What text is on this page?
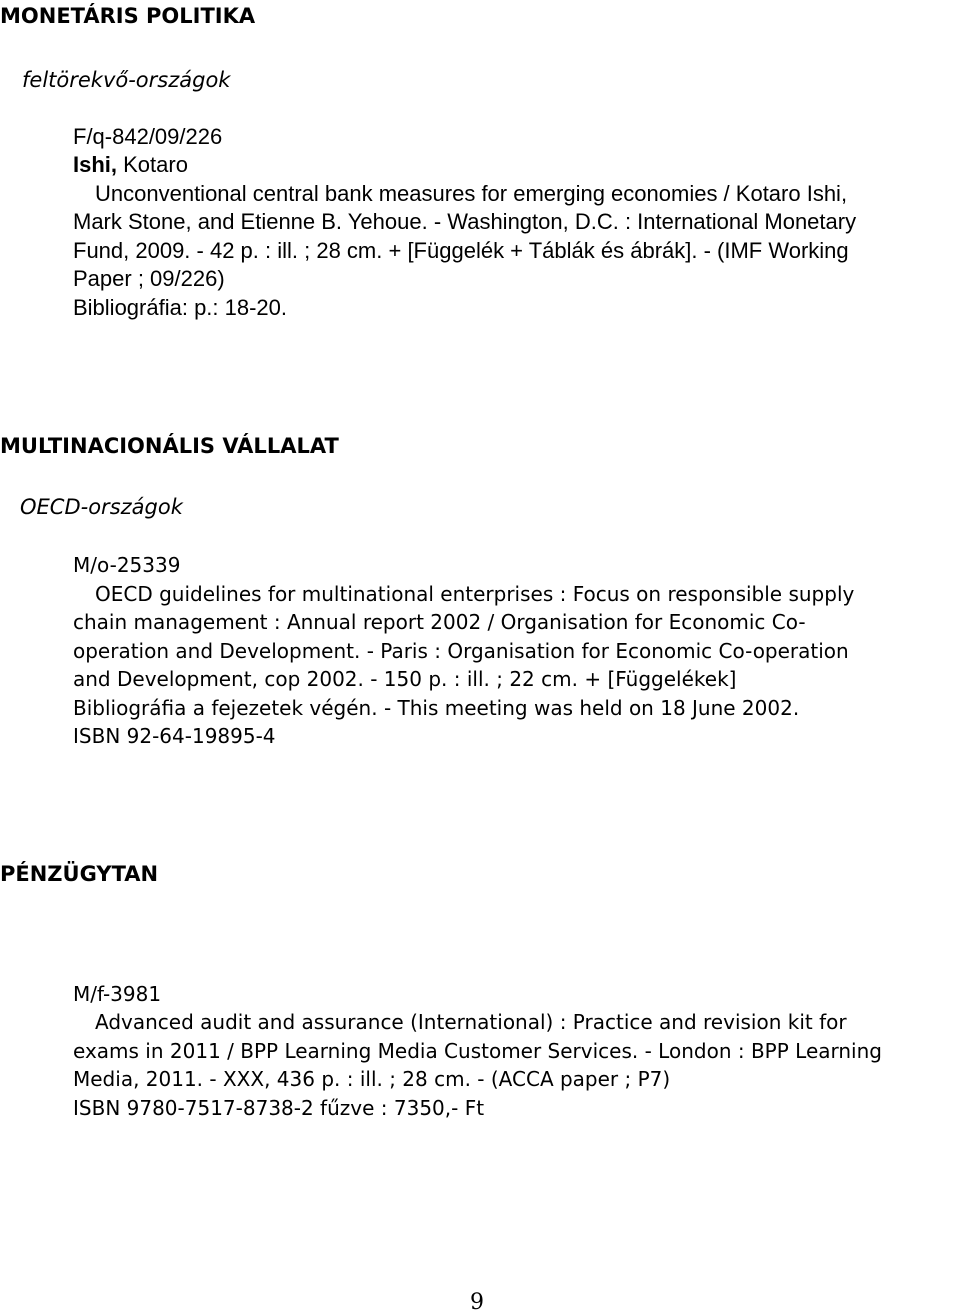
MONETÁRIS POLITIKA
feltörekvő-országok
F/q-842/09/226
Ishi, Kotaro
Unconventional central bank measures for emerging economies / Kotaro Ishi,
Mark Stone, and Etienne B. Yehoue. - Washington, D.C. : International Monetary
Fund, 2009. - 42 p. : ill. ; 28 cm. + [Függelék + Táblák és ábrák]. - (IMF Working
Paper ; 09/226)
Bibliográfia: p.: 18-20.
MULTINACIONÁLIS VÁLLALAT
OECD-országok
M/o-25339
OECD guidelines for multinational enterprises : Focus on responsible supply
chain management : Annual report 2002 / Organisation for Economic Co-
operation and Development. - Paris : Organisation for Economic Co-operation
and Development, cop 2002. - 150 p. : ill. ; 22 cm. + [Függelékek]
Bibliográfia a fejezetek végén. - This meeting was held on 18 June 2002.
ISBN 92-64-19895-4
PÉNZÜGYTAN
M/f-3981
Advanced audit and assurance (International) : Practice and revision kit for
exams in 2011 / BPP Learning Media Customer Services. - London : BPP Learning
Media, 2011. - XXX, 436 p. : ill. ; 28 cm. - (ACCA paper ; P7)
ISBN 9780-7517-8738-2 fűzve : 7350,- Ft
9
